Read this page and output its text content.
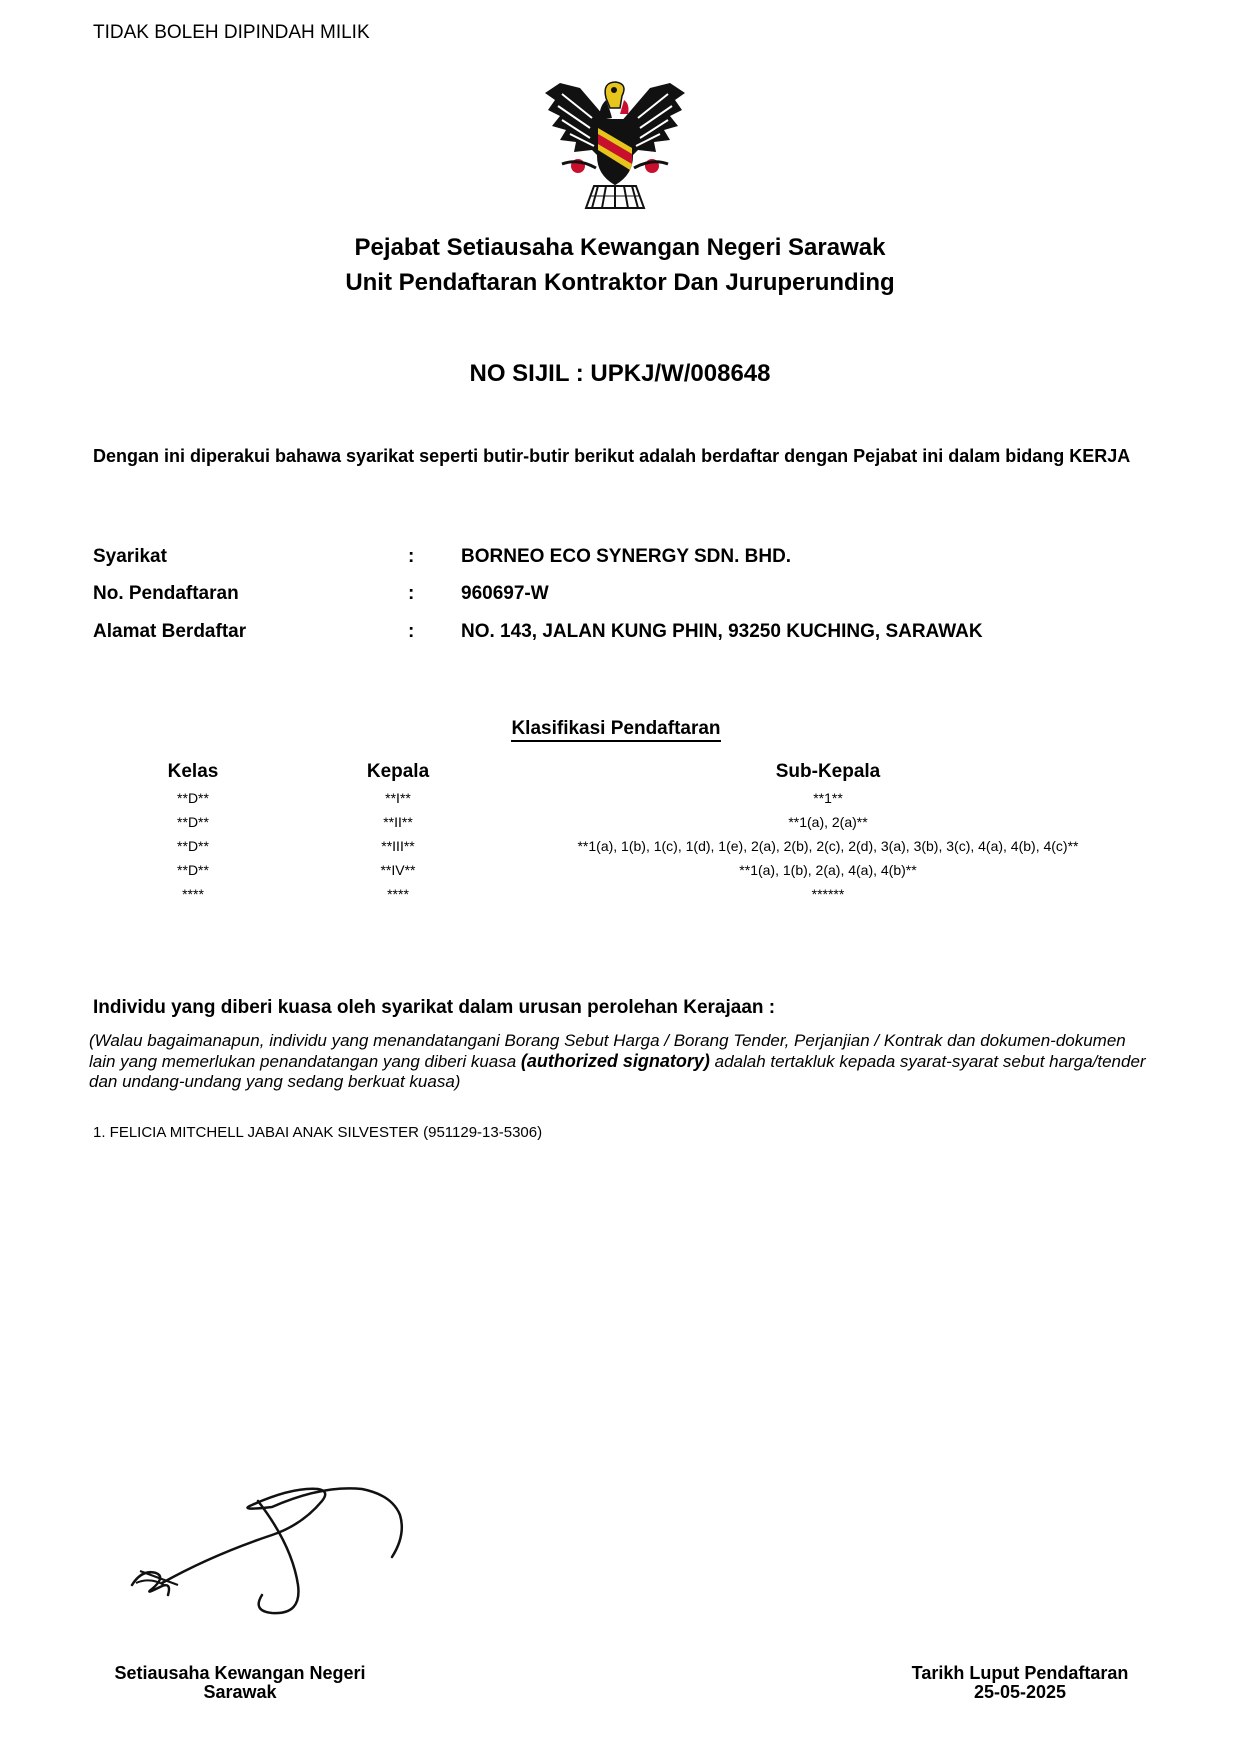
TIDAK BOLEH DIPINDAH MILIK
Pejabat Setiausaha Kewangan Negeri Sarawak
Unit Pendaftaran Kontraktor Dan Juruperunding
NO SIJIL : UPKJ/W/008648
Dengan ini diperakui bahawa syarikat seperti butir-butir berikut adalah berdaftar dengan Pejabat ini dalam bidang KERJA
Syarikat	: BORNEO ECO SYNERGY SDN. BHD.
No. Pendaftaran	: 960697-W
Alamat Berdaftar	: NO. 143, JALAN KUNG PHIN, 93250 KUCHING, SARAWAK
Klasifikasi Pendaftaran
Kelas	Kepala	Sub-Kepala
**D**	**I**	**1**
**D**	**II**	**1(a), 2(a)**
**D**	**III**	**1(a), 1(b), 1(c), 1(d), 1(e), 2(a), 2(b), 2(c), 2(d), 3(a), 3(b), 3(c), 4(a), 4(b), 4(c)**
**D**	**IV**	**1(a), 1(b), 2(a), 4(a), 4(b)**
****	****	******
Individu yang diberi kuasa oleh syarikat dalam urusan perolehan Kerajaan :
(Walau bagaimanapun, individu yang menandatangani Borang Sebut Harga / Borang Tender, Perjanjian / Kontrak dan dokumen-dokumen lain yang memerlukan penandatangan yang diberi kuasa (authorized signatory) adalah tertakluk kepada syarat-syarat sebut harga/tender dan undang-undang yang sedang berkuat kuasa)
1. FELICIA MITCHELL JABAI ANAK SILVESTER (951129-13-5306)
Setiausaha Kewangan Negeri
Sarawak
Tarikh Luput Pendaftaran
25-05-2025
